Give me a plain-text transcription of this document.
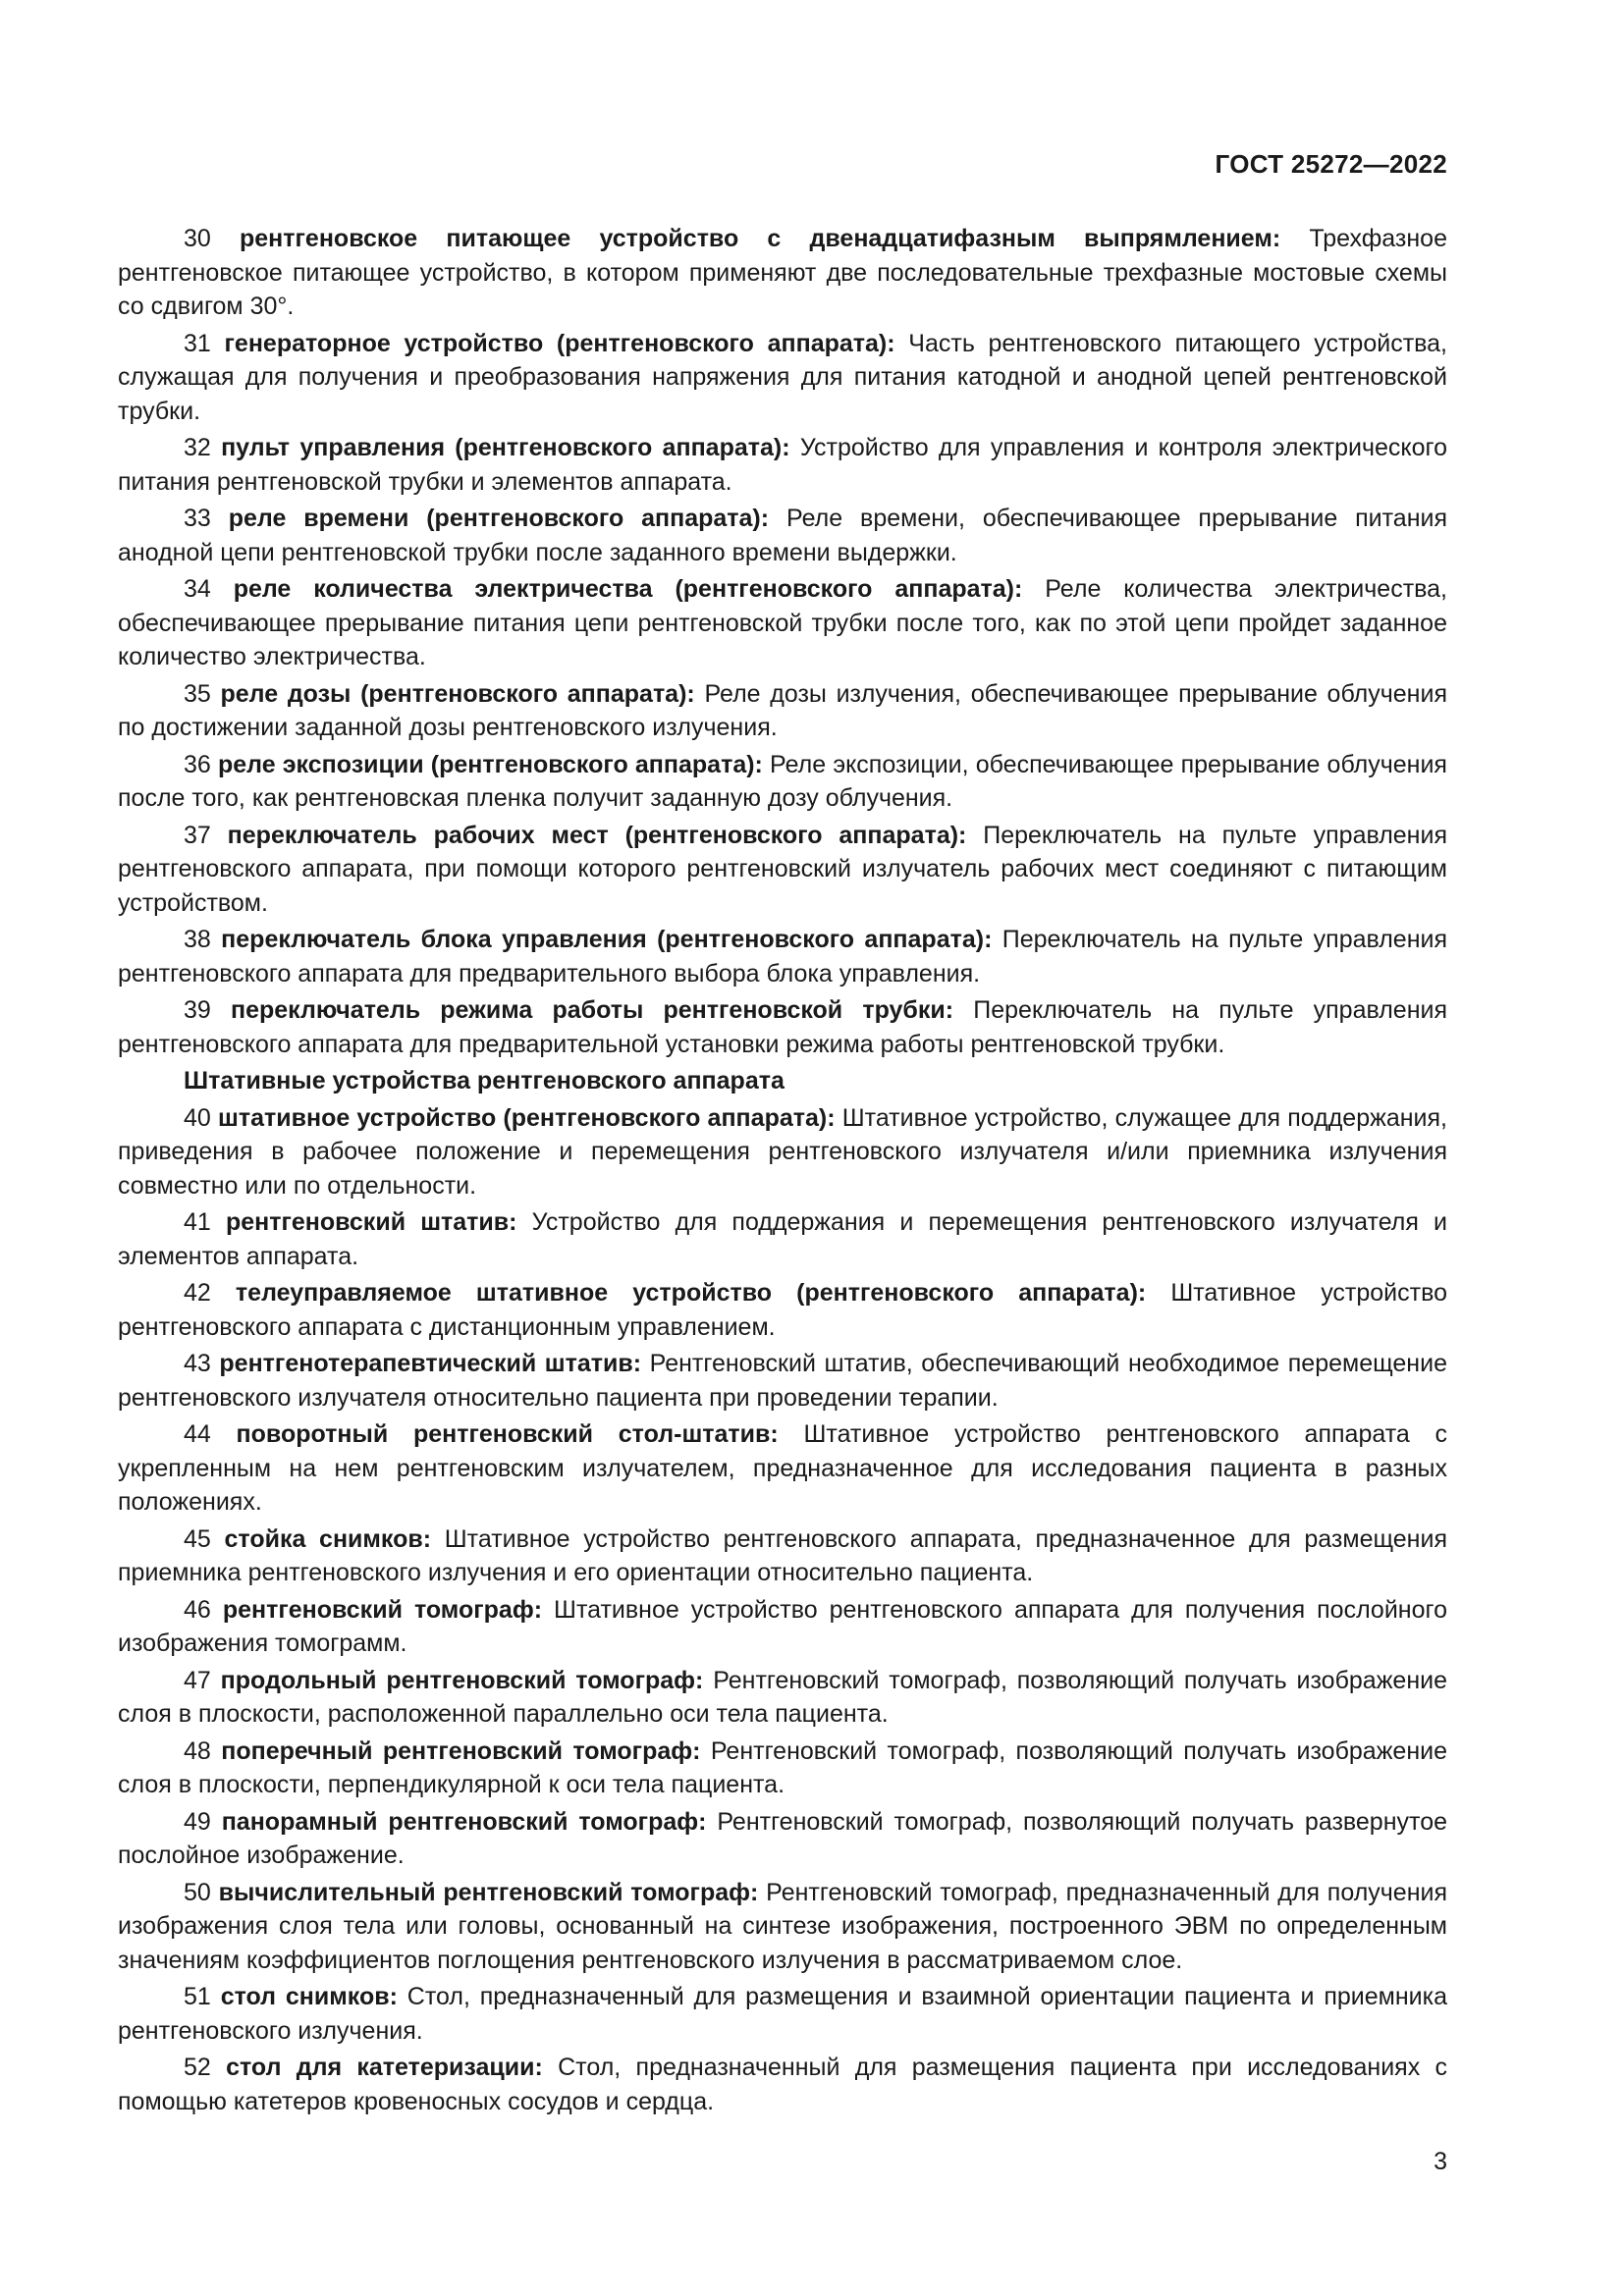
ГОСТ 25272—2022

30 рентгеновское питающее устройство с двенадцатифазным выпрямлением: Трехфазное рентгеновское питающее устройство, в котором применяют две последовательные трехфазные мостовые схемы со сдвигом 30°.

31 генераторное устройство (рентгеновского аппарата): Часть рентгеновского питающего устройства, служащая для получения и преобразования напряжения для питания катодной и анодной цепей рентгеновской трубки.

32 пульт управления (рентгеновского аппарата): Устройство для управления и контроля электрического питания рентгеновской трубки и элементов аппарата.

33 реле времени (рентгеновского аппарата): Реле времени, обеспечивающее прерывание питания анодной цепи рентгеновской трубки после заданного времени выдержки.

34 реле количества электричества (рентгеновского аппарата): Реле количества электричества, обеспечивающее прерывание питания цепи рентгеновской трубки после того, как по этой цепи пройдет заданное количество электричества.

35 реле дозы (рентгеновского аппарата): Реле дозы излучения, обеспечивающее прерывание облучения по достижении заданной дозы рентгеновского излучения.

36 реле экспозиции (рентгеновского аппарата): Реле экспозиции, обеспечивающее прерывание облучения после того, как рентгеновская пленка получит заданную дозу облучения.

37 переключатель рабочих мест (рентгеновского аппарата): Переключатель на пульте управления рентгеновского аппарата, при помощи которого рентгеновский излучатель рабочих мест соединяют с питающим устройством.

38 переключатель блока управления (рентгеновского аппарата): Переключатель на пульте управления рентгеновского аппарата для предварительного выбора блока управления.

39 переключатель режима работы рентгеновской трубки: Переключатель на пульте управления рентгеновского аппарата для предварительной установки режима работы рентгеновской трубки.

Штативные устройства рентгеновского аппарата

40 штативное устройство (рентгеновского аппарата): Штативное устройство, служащее для поддержания, приведения в рабочее положение и перемещения рентгеновского излучателя и/или приемника излучения совместно или по отдельности.

41 рентгеновский штатив: Устройство для поддержания и перемещения рентгеновского излучателя и элементов аппарата.

42 телеуправляемое штативное устройство (рентгеновского аппарата): Штативное устройство рентгеновского аппарата с дистанционным управлением.

43 рентгенотерапевтический штатив: Рентгеновский штатив, обеспечивающий необходимое перемещение рентгеновского излучателя относительно пациента при проведении терапии.

44 поворотный рентгеновский стол-штатив: Штативное устройство рентгеновского аппарата с укрепленным на нем рентгеновским излучателем, предназначенное для исследования пациента в разных положениях.

45 стойка снимков: Штативное устройство рентгеновского аппарата, предназначенное для размещения приемника рентгеновского излучения и его ориентации относительно пациента.

46 рентгеновский томограф: Штативное устройство рентгеновского аппарата для получения послойного изображения томограмм.

47 продольный рентгеновский томограф: Рентгеновский томограф, позволяющий получать изображение слоя в плоскости, расположенной параллельно оси тела пациента.

48 поперечный рентгеновский томограф: Рентгеновский томограф, позволяющий получать изображение слоя в плоскости, перпендикулярной к оси тела пациента.

49 панорамный рентгеновский томограф: Рентгеновский томограф, позволяющий получать развернутое послойное изображение.

50 вычислительный рентгеновский томограф: Рентгеновский томограф, предназначенный для получения изображения слоя тела или головы, основанный на синтезе изображения, построенного ЭВМ по определенным значениям коэффициентов поглощения рентгеновского излучения в рассматриваемом слое.

51 стол снимков: Стол, предназначенный для размещения и взаимной ориентации пациента и приемника рентгеновского излучения.

52 стол для катетеризации: Стол, предназначенный для размещения пациента при исследованиях с помощью катетеров кровеносных сосудов и сердца.

3
